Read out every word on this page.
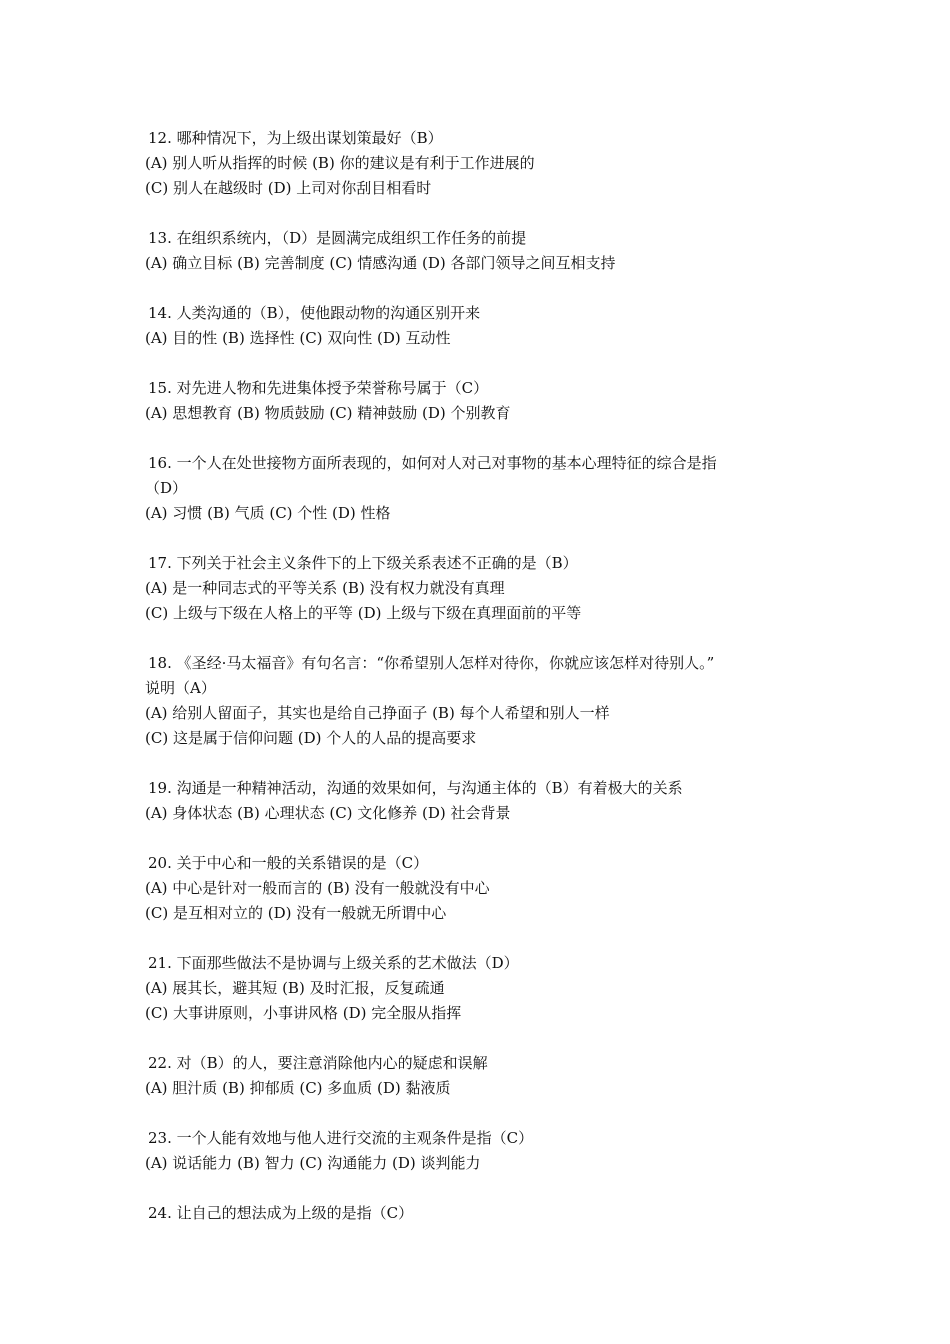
12. 哪种情况下，为上级出谋划策最好（B）
(A) 别人听从指挥的时候 (B) 你的建议是有利于工作进展的
(C) 别人在越级时 (D) 上司对你刮目相看时
13. 在组织系统内，（D）是圆满完成组织工作任务的前提
(A) 确立目标 (B) 完善制度 (C) 情感沟通 (D) 各部门领导之间互相支持
14. 人类沟通的（B），使他跟动物的沟通区别开来
(A) 目的性 (B) 选择性 (C) 双向性 (D) 互动性
15. 对先进人物和先进集体授予荣誉称号属于（C）
(A) 思想教育 (B) 物质鼓励 (C) 精神鼓励 (D) 个别教育
16. 一个人在处世接物方面所表现的，如何对人对己对事物的基本心理特征的综合是指
（D）
(A) 习惯 (B) 气质 (C) 个性 (D) 性格
17. 下列关于社会主义条件下的上下级关系表述不正确的是（B）
(A) 是一种同志式的平等关系 (B) 没有权力就没有真理
(C) 上级与下级在人格上的平等 (D) 上级与下级在真理面前的平等
18. 《圣经·马太福音》有句名言：“你希望别人怎样对待你，你就应该怎样对待别人。”
说明（A）
(A) 给别人留面子，其实也是给自己挣面子 (B) 每个人希望和别人一样
(C) 这是属于信仰问题 (D) 个人的人品的提高要求
19. 沟通是一种精神活动，沟通的效果如何，与沟通主体的（B）有着极大的关系
(A) 身体状态 (B) 心理状态 (C) 文化修养 (D) 社会背景
20. 关于中心和一般的关系错误的是（C）
(A) 中心是针对一般而言的 (B) 没有一般就没有中心
(C) 是互相对立的 (D) 没有一般就无所谓中心
21. 下面那些做法不是协调与上级关系的艺术做法（D）
(A) 展其长，避其短 (B) 及时汇报，反复疏通
(C) 大事讲原则，小事讲风格 (D) 完全服从指挥
22. 对（B）的人，要注意消除他内心的疑虑和误解
(A) 胆汁质 (B) 抑郁质 (C) 多血质 (D) 黏液质
23. 一个人能有效地与他人进行交流的主观条件是指（C）
(A) 说话能力 (B) 智力 (C) 沟通能力 (D) 谈判能力
24. 让自己的想法成为上级的是指（C）
